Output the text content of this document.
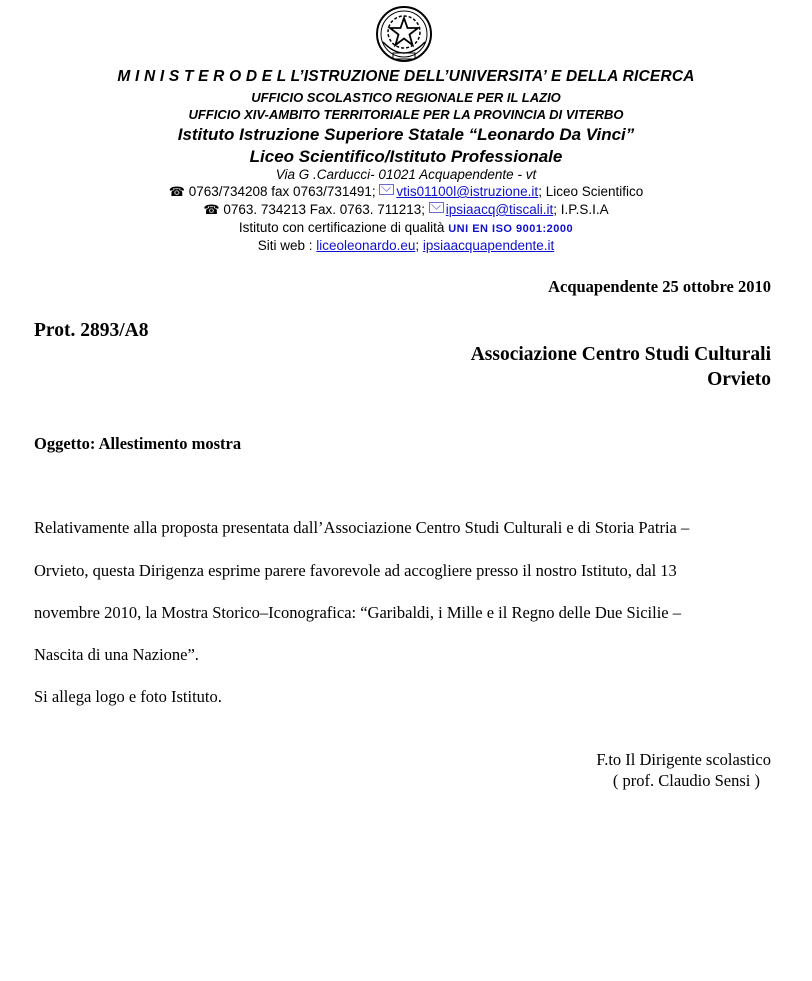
M I N I S T E R O D E L L’ISTRUZIONE DELL’UNIVERSITA’ E DELLA RICERCA
UFFICIO SCOLASTICO REGIONALE PER IL LAZIO
UFFICIO XIV-AMBITO TERRITORIALE PER LA PROVINCIA DI VITERBO
Istituto Istruzione Superiore Statale “Leonardo Da Vinci”
Liceo Scientifico/Istituto Professionale
Via G .Carducci- 01021 Acquapendente - vt
☎ 0763/734208 fax 0763/731491; vtis01100l@istruzione.it; Liceo Scientifico
☎ 0763. 734213 Fax. 0763. 711213; ipsiaacq@tiscali.it; I.P.S.I.A
Istituto con certificazione di qualità UNI EN ISO 9001:2000
Siti web : liceoleonardo.eu; ipsiaacquapendente.it
Acquapendente 25 ottobre 2010
Prot. 2893/A8
Associazione Centro Studi Culturali
Orvieto
Oggetto: Allestimento mostra
Relativamente alla proposta presentata dall’Associazione Centro Studi Culturali e di Storia Patria –
Orvieto, questa Dirigenza esprime parere favorevole ad accogliere presso il nostro Istituto, dal 13
novembre 2010, la Mostra Storico–Iconografica: “Garibaldi, i Mille e il Regno delle Due Sicilie –
Nascita di una Nazione”.
Si allega logo e foto Istituto.
F.to Il Dirigente scolastico
( prof. Claudio Sensi )
